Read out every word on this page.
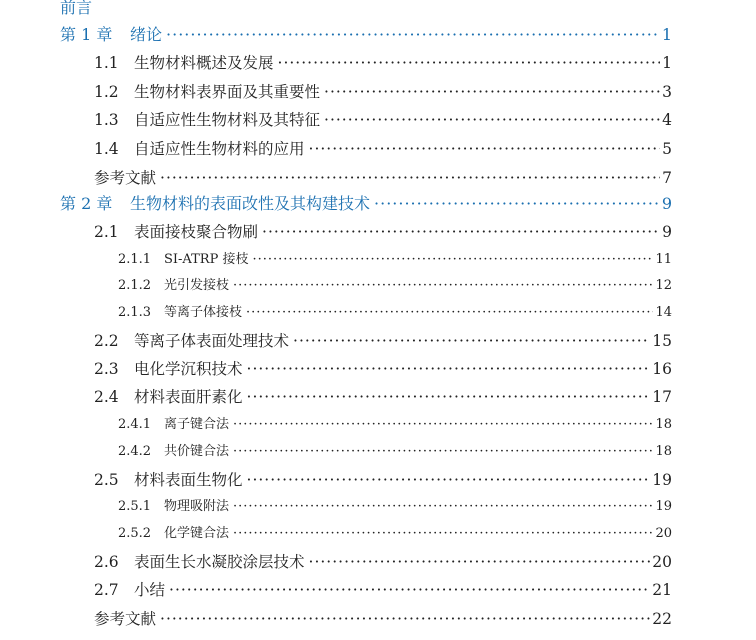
前言
第 1 章	绪论 ·····	1
1.1 生物材料概述及发展 ·····	1
1.2 生物材料表界面及其重要性 ·····	3
1.3 自适应性生物材料及其特征 ·····	4
1.4 自适应性生物材料的应用 ·····	5
参考文献 ·····	7
第 2 章	生物材料的表面改性及其构建技术 ·····	9
2.1 表面接枝聚合物刷 ·····	9
2.1.1 SI-ATRP 接枝 ·····	11
2.1.2 光引发接枝 ·····	12
2.1.3 等离子体接枝 ·····	14
2.2 等离子体表面处理技术 ·····	15
2.3 电化学沉积技术 ·····	16
2.4 材料表面肝素化 ·····	17
2.4.1 离子键合法 ·····	18
2.4.2 共价键合法 ·····	18
2.5 材料表面生物化 ·····	19
2.5.1 物理吸附法 ·····	19
2.5.2 化学键合法 ·····	20
2.6 表面生长水凝胶涂层技术 ·····	20
2.7 小结 ·····	21
参考文献 ·····	22
